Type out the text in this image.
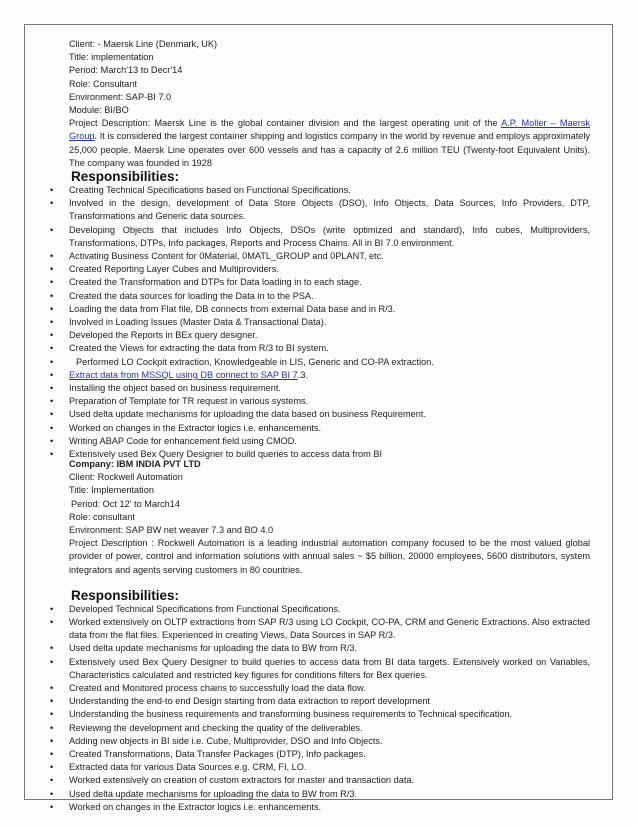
Client: - Maersk Line (Denmark, UK)
Title: implementation
Period: March'13 to Decr'14
Role: Consultant
Environment: SAP-BI 7.0
Module: BI/BO
Project Description: Maersk Line is the global container division and the largest operating unit of the A.P. Moller – Maersk Group. It is considered the largest container shipping and logistics company in the world by revenue and employs approximately 25,000 people. Maersk Line operates over 600 vessels and has a capacity of 2.6 million TEU (Twenty-foot Equivalent Units). The company was founded in 1928
Responsibilities:
• Creating Technical Specifications based on Functional Specifications.
• Involved in the design, development of Data Store Objects (DSO), Info Objects, Data Sources, Info Providers, DTP, Transformations and Generic data sources.
• Developing Objects that includes Info Objects, DSOs (write optimized and standard), Info cubes, Multiproviders, Transformations, DTPs, Info packages, Reports and Process Chains. All in BI 7.0 environment.
• Activating Business Content for 0Material, 0MATL_GROUP and 0PLANT, etc.
• Created Reporting Layer Cubes and Multiproviders.
• Created the Transformation and DTPs for Data loading in to each stage.
• Created the data sources for loading the Data in to the PSA.
• Loading the data from Flat file, DB connects from external Data base and in R/3.
• Involved in Loading Issues (Master Data & Transactional Data).
• Developed the Reports in BEx query designer.
• Created the Views for extracting the data from R/3 to BI system.
• Performed LO Cockpit extraction, Knowledgeable in LIS, Generic and CO-PA extraction.
• Extract data from MSSQL using DB connect to SAP BI 7.3.
• Installing the object based on business requirement.
• Preparation of Template for TR request in various systems.
• Used delta update mechanisms for uploading the data based on business Requirement.
• Worked on changes in the Extractor logics i.e. enhancements.
• Writing ABAP Code for enhancement field using CMOD.
• Extensively used Bex Query Designer to build queries to access data from BI
Company: IBM INDIA PVT LTD
Client: Rockwell Automation
Title: Implementation
Period: Oct 12' to March14
Role: consultant
Environment: SAP BW net weaver 7.3 and BO 4.0
Project Description : Rockwell Automation is a leading industrial automation company focused to be the most valued global provider of power, control and information solutions with annual sales ~ $5 billion, 20000 employees, 5600 distributors, system integrators and agents serving customers in 80 countries.
Responsibilities:
• Developed Technical Specifications from Functional Specifications.
• Worked extensively on OLTP extractions from SAP R/3 using LO Cockpit, CO-PA, CRM and Generic Extractions. Also extracted data from the flat files. Experienced in creating Views, Data Sources in SAP R/3.
• Used delta update mechanisms for uploading the data to BW from R/3.
• Extensively used Bex Query Designer to build queries to access data from BI data targets. Extensively worked on Variables, Characteristics calculated and restricted key figures for conditions filters for Bex queries.
• Created and Monitored process chains to successfully load the data flow.
• Understanding the end-to end Design starting from data extraction to report development
• Understanding the business requirements and transforming business requirements to Technical specification.
• Reviewing the development and checking the quality of the deliverables.
• Adding new objects in BI side i.e. Cube, Multiprovider, DSO and Info Objects.
• Created Transformations, Data Transfer Packages (DTP), Info packages.
• Extracted data for various Data Sources e.g. CRM, FI, LO.
• Worked extensively on creation of custom extractors for master and transaction data.
• Used delta update mechanisms for uploading the data to BW from R/3.
• Worked on changes in the Extractor logics i.e. enhancements.
